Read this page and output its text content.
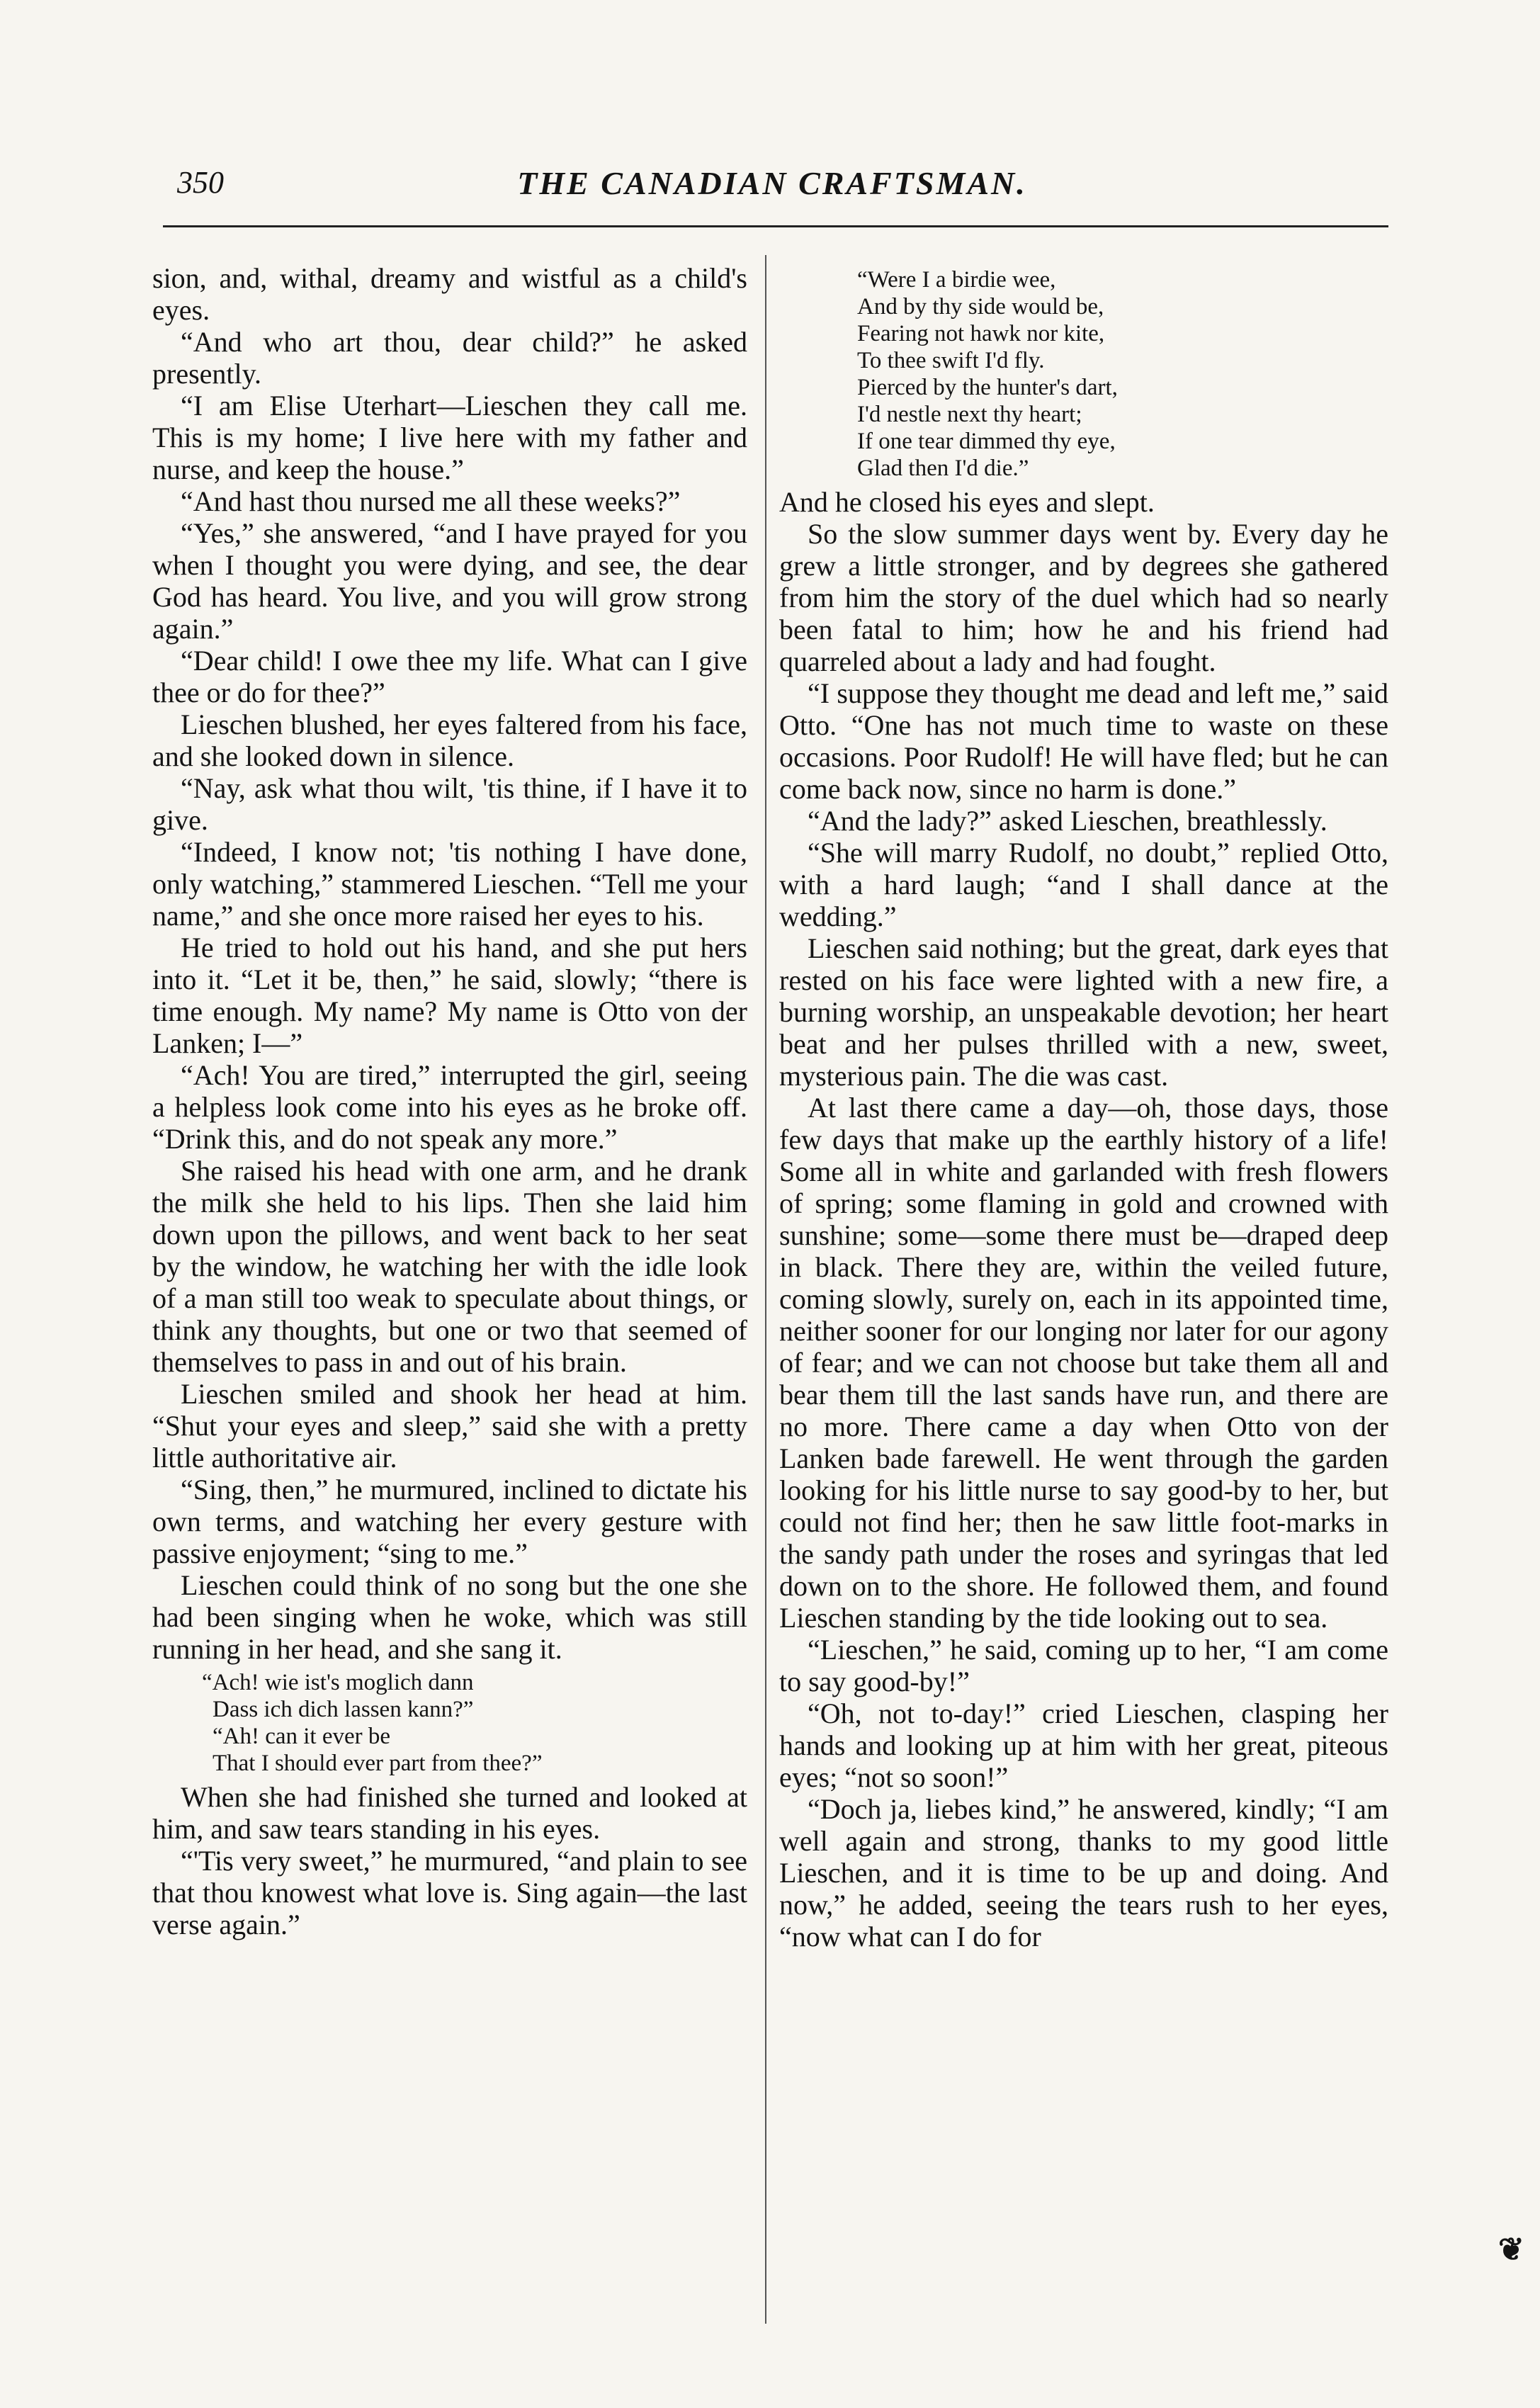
350	THE CANADIAN CRAFTSMAN.

sion, and, withal, dreamy and wistful as a child's eyes.

“And who art thou, dear child?” he asked presently.

“I am Elise Uterhart—Lieschen they call me. This is my home; I live here with my father and nurse, and keep the house.”

“And hast thou nursed me all these weeks?”

“Yes,” she answered, “and I have prayed for you when I thought you were dying, and see, the dear God has heard. You live, and you will grow strong again.”

“Dear child! I owe thee my life. What can I give thee or do for thee?”

Lieschen blushed, her eyes faltered from his face, and she looked down in silence.

“Nay, ask what thou wilt, 'tis thine, if I have it to give.

“Indeed, I know not; 'tis nothing I have done, only watching,” stammered Lieschen. “Tell me your name,” and she once more raised her eyes to his.

He tried to hold out his hand, and she put hers into it. “Let it be, then,” he said, slowly; “there is time enough. My name? My name is Otto von der Lanken; I—”

“Ach! You are tired,” interrupted the girl, seeing a helpless look come into his eyes as he broke off. “Drink this, and do not speak any more.”

She raised his head with one arm, and he drank the milk she held to his lips. Then she laid him down upon the pillows, and went back to her seat by the window, he watching her with the idle look of a man still too weak to speculate about things, or think any thoughts, but one or two that seemed of themselves to pass in and out of his brain.

Lieschen smiled and shook her head at him. “Shut your eyes and sleep,” said she with a pretty little authoritative air.

“Sing, then,” he murmured, inclined to dictate his own terms, and watching her every gesture with passive enjoyment; “sing to me.”

Lieschen could think of no song but the one she had been singing when he woke, which was still running in her head, and she sang it.

“Ach! wie ist's moglich dann

Dass ich dich lassen kann?”

“Ah! can it ever be

That I should ever part from thee?”

When she had finished she turned and looked at him, and saw tears standing in his eyes.

“'Tis very sweet,” he murmured, “and plain to see that thou knowest what love is. Sing again—the last verse again.”

“Were I a birdie wee,

And by thy side would be,

Fearing not hawk nor kite,

To thee swift I'd fly.

Pierced by the hunter's dart,

I'd nestle next thy heart;

If one tear dimmed thy eye,

Glad then I'd die.”

And he closed his eyes and slept.

So the slow summer days went by. Every day he grew a little stronger, and by degrees she gathered from him the story of the duel which had so nearly been fatal to him; how he and his friend had quarreled about a lady and had fought.

“I suppose they thought me dead and left me,” said Otto. “One has not much time to waste on these occasions. Poor Rudolf! He will have fled; but he can come back now, since no harm is done.”

“And the lady?” asked Lieschen, breathlessly.

“She will marry Rudolf, no doubt,” replied Otto, with a hard laugh; “and I shall dance at the wedding.”

Lieschen said nothing; but the great, dark eyes that rested on his face were lighted with a new fire, a burning worship, an unspeakable devotion; her heart beat and her pulses thrilled with a new, sweet, mysterious pain. The die was cast.

At last there came a day—oh, those days, those few days that make up the earthly history of a life! Some all in white and garlanded with fresh flowers of spring; some flaming in gold and crowned with sunshine; some—some there must be—draped deep in black. There they are, within the veiled future, coming slowly, surely on, each in its appointed time, neither sooner for our longing nor later for our agony of fear; and we can not choose but take them all and bear them till the last sands have run, and there are no more. There came a day when Otto von der Lanken bade farewell. He went through the garden looking for his little nurse to say good-by to her, but could not find her; then he saw little foot-marks in the sandy path under the roses and syringas that led down on to the shore. He followed them, and found Lieschen standing by the tide looking out to sea.

“Lieschen,” he said, coming up to her, “I am come to say good-by!”

“Oh, not to-day!” cried Lieschen, clasping her hands and looking up at him with her great, piteous eyes; “not so soon!”

“Doch ja, liebes kind,” he answered, kindly; “I am well again and strong, thanks to my good little Lieschen, and it is time to be up and doing. And now,” he added, seeing the tears rush to her eyes, “now what can I do for

❦
